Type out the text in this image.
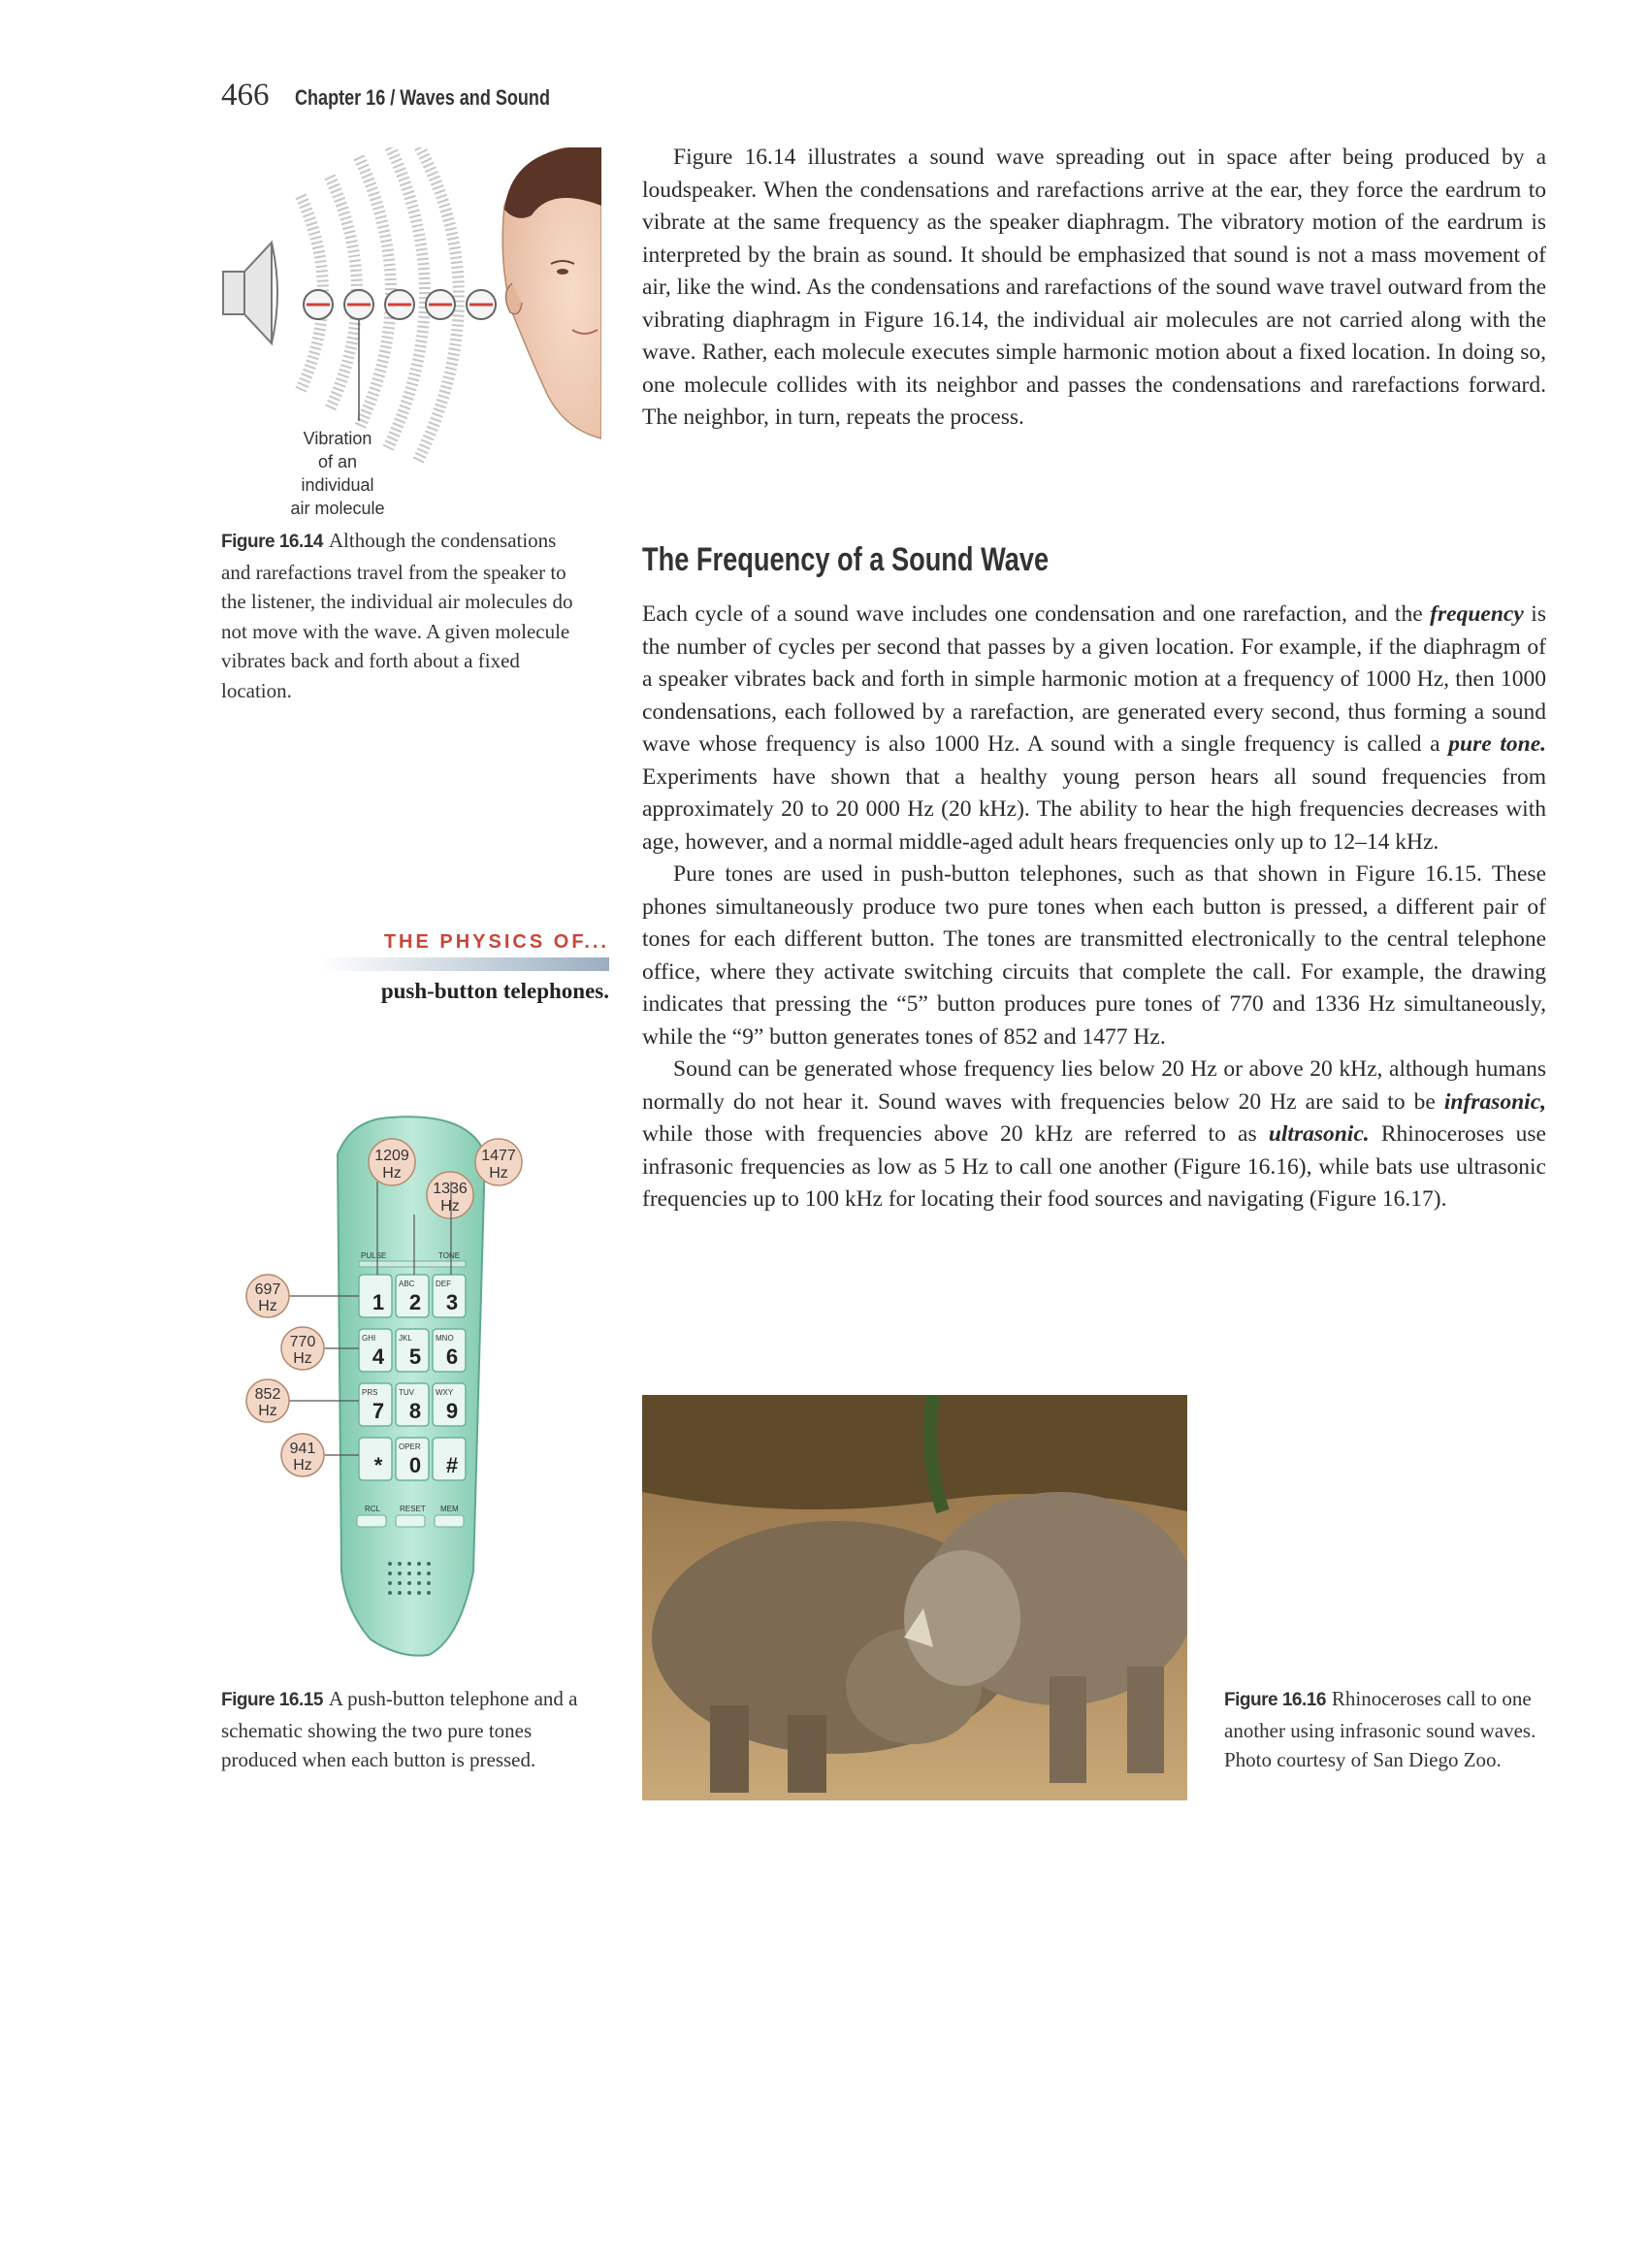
466 Chapter 16 / Waves and Sound
Vibration
of an
individual
air molecule
Figure 16.14 Although the condensations and rarefactions travel from the speaker to the listener, the individual air molecules do not move with the wave. A given molecule vibrates back and forth about a fixed location.
THE PHYSICS OF...
push-button telephones.
PULSE	TONE
1 2
ABC
3
DEF
4
GHI
5
JKL
6
MNO
7
PRS
8
TUV
9
WXY
* 0
OPER
#
RCL RESET MEM
1209
Hz
1336
Hz
1477
Hz
697
Hz
770
Hz
852
Hz
941
Hz
Figure 16.15 A push-button telephone and a schematic showing the two pure tones produced when each button is pressed.

Figure 16.14 illustrates a sound wave spreading out in space after being produced by a loudspeaker. When the condensations and rarefactions arrive at the ear, they force the eardrum to vibrate at the same frequency as the speaker diaphragm. The vibratory motion of the eardrum is interpreted by the brain as sound. It should be emphasized that sound is not a mass movement of air, like the wind. As the condensations and rarefactions of the sound wave travel outward from the vibrating diaphragm in Figure 16.14, the individual air molecules are not carried along with the wave. Rather, each molecule executes simple harmonic motion about a fixed location. In doing so, one molecule collides with its neighbor and passes the condensations and rarefactions forward. The neighbor, in turn, repeats the process.

The Frequency of a Sound Wave

Each cycle of a sound wave includes one condensation and one rarefaction, and the frequency is the number of cycles per second that passes by a given location. For example, if the diaphragm of a speaker vibrates back and forth in simple harmonic motion at a frequency of 1000 Hz, then 1000 condensations, each followed by a rarefaction, are generated every second, thus forming a sound wave whose frequency is also 1000 Hz. A sound with a single frequency is called a pure tone. Experiments have shown that a healthy young person hears all sound frequencies from approximately 20 to 20 000 Hz (20 kHz). The ability to hear the high frequencies decreases with age, however, and a normal middle-aged adult hears frequencies only up to 12–14 kHz.

Pure tones are used in push-button telephones, such as that shown in Figure 16.15. These phones simultaneously produce two pure tones when each button is pressed, a different pair of tones for each different button. The tones are transmitted electronically to the central telephone office, where they activate switching circuits that complete the call. For example, the drawing indicates that pressing the “5” button produces pure tones of 770 and 1336 Hz simultaneously, while the “9” button generates tones of 852 and 1477 Hz.

Sound can be generated whose frequency lies below 20 Hz or above 20 kHz, although humans normally do not hear it. Sound waves with frequencies below 20 Hz are said to be infrasonic, while those with frequencies above 20 kHz are referred to as ultrasonic. Rhinoceroses use infrasonic frequencies as low as 5 Hz to call one another (Figure 16.16), while bats use ultrasonic frequencies up to 100 kHz for locating their food sources and navigating (Figure 16.17).

Figure 16.16 Rhinoceroses call to one another using infrasonic sound waves. Photo courtesy of San Diego Zoo.
